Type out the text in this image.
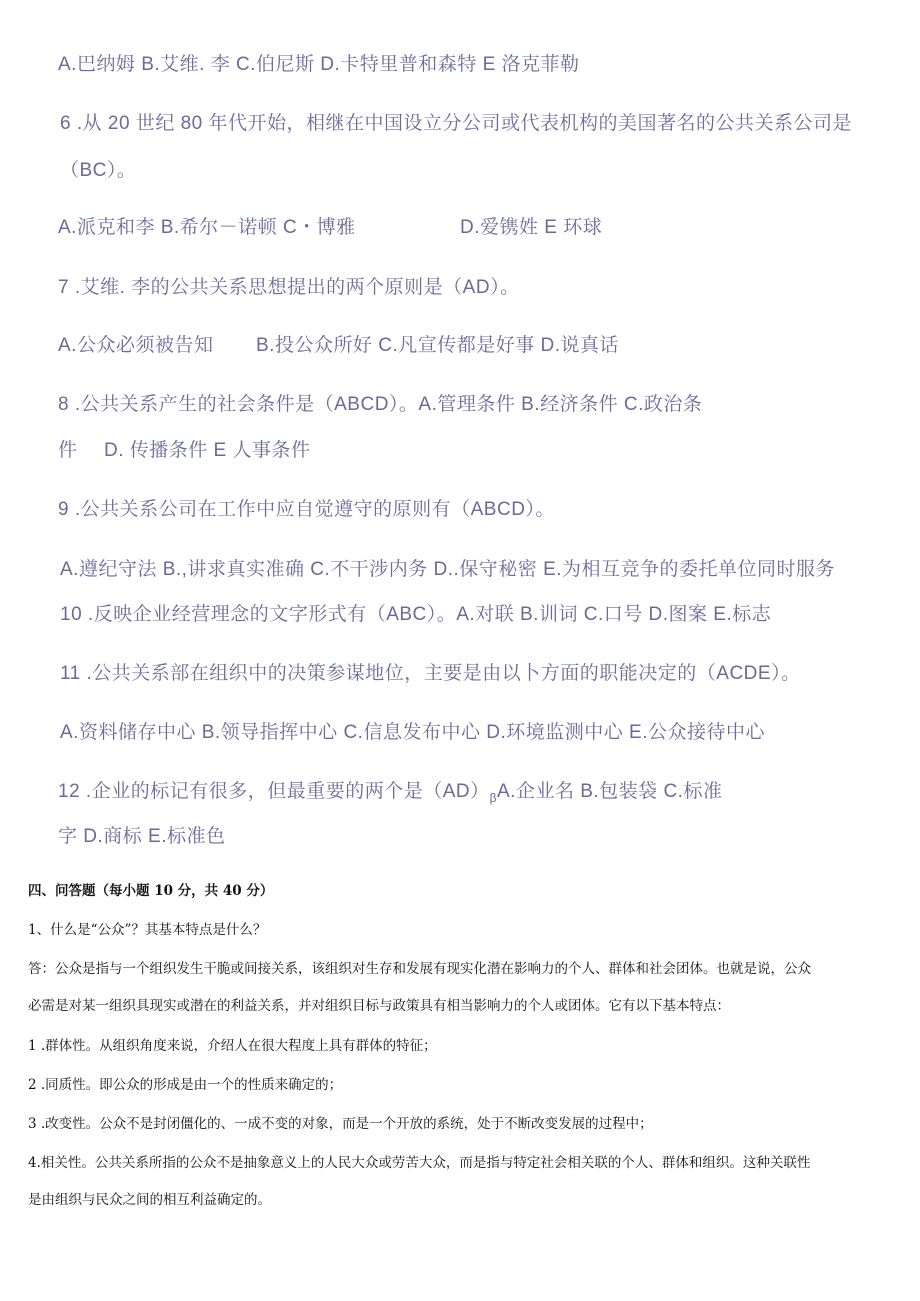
A.巴纳姆 B.艾维. 李 C.伯尼斯 D.卡特里普和森特 E 洛克菲勒
6 .从 20 世纪 80 年代开始，相继在中国设立分公司或代表机构的美国著名的公共关系公司是
（BC）。
A.派克和李 B.希尔－诺顿 C・博雅	D.爱镌姓 E 环球
7 .艾维. 李的公共关系思想提出的两个原则是（AD）。
A.公众必须被告知 B.投公众所好 C.凡宣传都是好事 D.说真话
8 .公共关系产生的社会条件是（ABCD）。A.管理条件 B.经济条件 C.政治条
件 D. 传播条件 E 人事条件
9 .公共关系公司在工作中应自觉遵守的原则有（ABCD）。
A.遵纪守法 B.,讲求真实准确 C.不干涉内务 D..保守秘密 E.为相互竞争的委托单位同时服务
10 .反映企业经营理念的文字形式有（ABC）。A.对联 B.训词 C.口号 D.图案 E.标志
11 .公共关系部在组织中的决策参谋地位，主要是由以卜方面的职能决定的（ACDE）。
A.资料储存中心 B.领导指挥中心 C.信息发布中心 D.环境监测中心 E.公众接待中心
12 .企业的标记有很多，但最重要的两个是$(AD)_\beta A$.企业名 B.包装袋 C.标准
字 D.商标 E.标准色
四、问答题（每小题 10 分，共 40 分）
1、什么是“公众”？其基本特点是什么？
答：公众是指与一个组织发生干脆或间接关系，该组织对生存和发展有现实化潜在影响力的个人、群体和社会团体。也就是说，公众
必需是对某一组织具现实或潜在的利益关系，并对组织目标与政策具有相当影响力的个人或团体。它有以下基本特点：
1 .群体性。从组织角度来说，介绍人在很大程度上具有群体的特征；
2 .同质性。即公众的形成是由一个的性质来确定的；
3 .改变性。公众不是封闭僵化的、一成不变的对象，而是一个开放的系统，处于不断改变发展的过程中；
4.相关性。公共关系所指的公众不是抽象意义上的人民大众或劳苦大众，而是指与特定社会相关联的个人、群体和组织。这种关联性
是由组织与民众之间的相互利益确定的。
